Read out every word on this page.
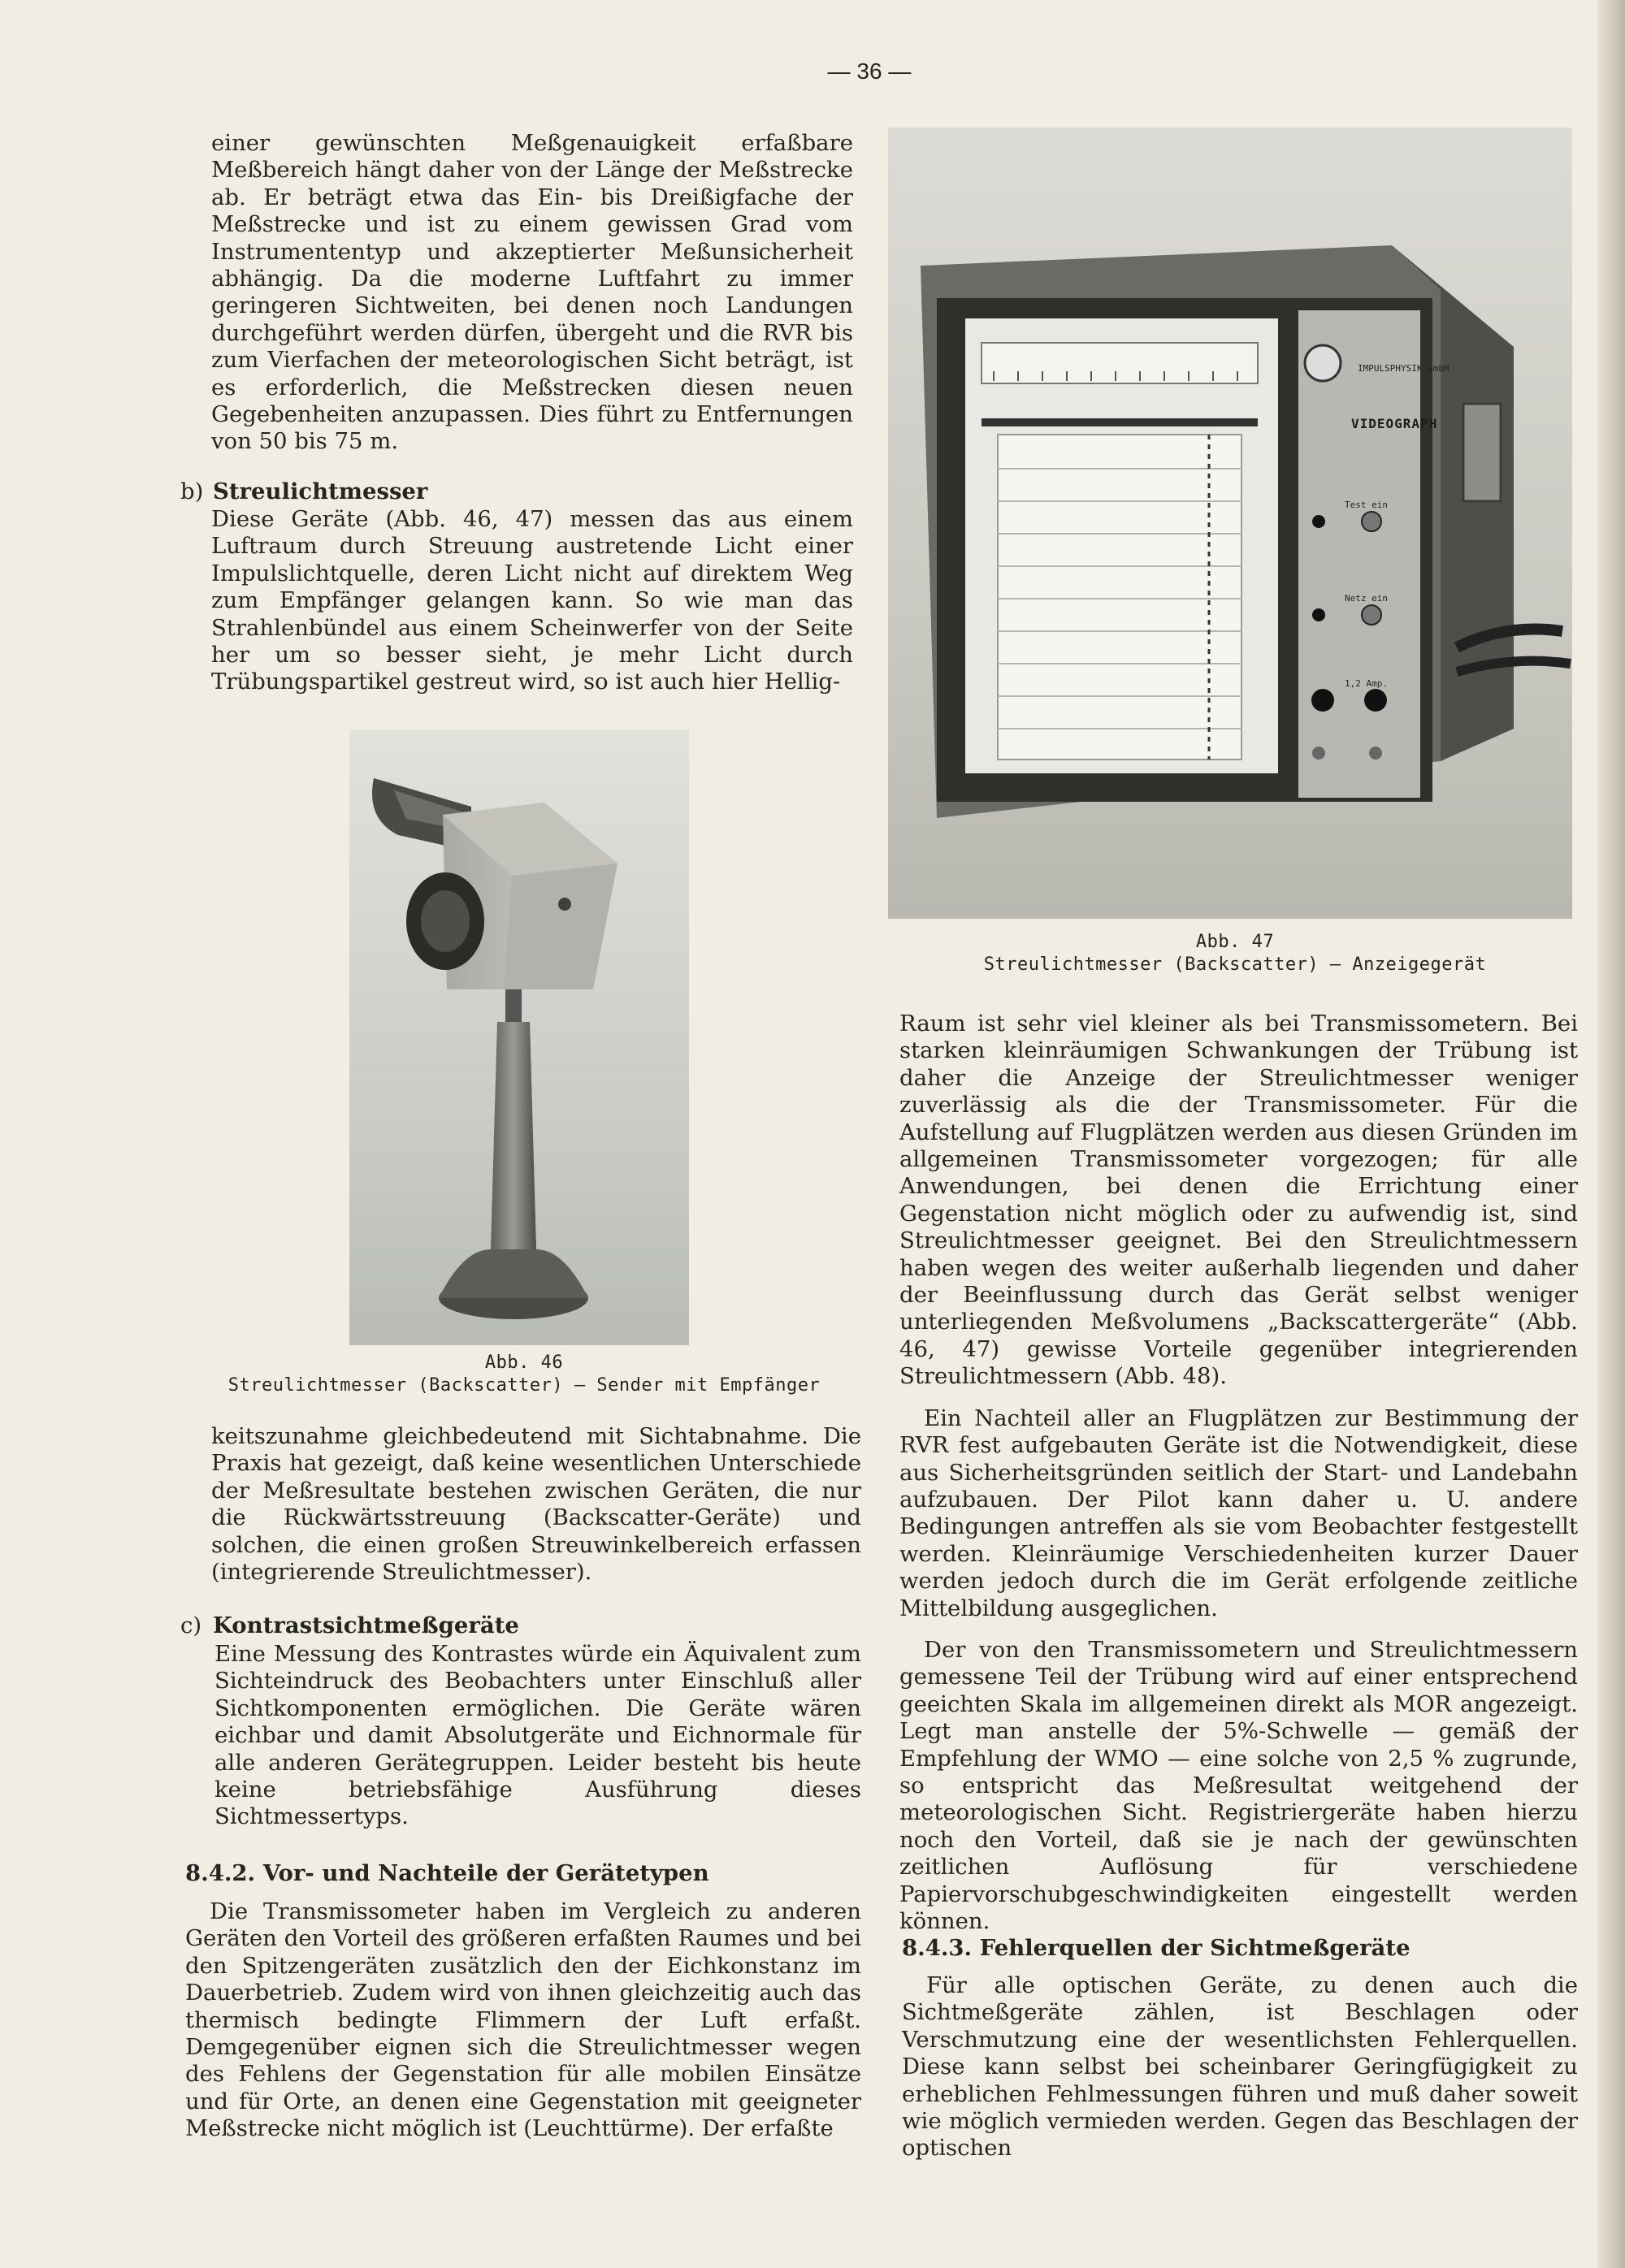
— 36 —

einer gewünschten Meßgenauigkeit erfaßbare Meßbereich hängt daher von der Länge der Meßstrecke ab. Er beträgt etwa das Ein- bis Dreißigfache der Meßstrecke und ist zu einem gewissen Grad vom Instrumententyp und akzeptierter Meßunsicherheit abhängig. Da die moderne Luftfahrt zu immer geringeren Sichtweiten, bei denen noch Landungen durchgeführt werden dürfen, übergeht und die RVR bis zum Vierfachen der meteorologischen Sicht beträgt, ist es erforderlich, die Meßstrecken diesen neuen Gegebenheiten anzupassen. Dies führt zu Entfernungen von 50 bis 75 m.

b) Streulichtmesser

Diese Geräte (Abb. 46, 47) messen das aus einem Luftraum durch Streuung austretende Licht einer Impulslichtquelle, deren Licht nicht auf direktem Weg zum Empfänger gelangen kann. So wie man das Strahlenbündel aus einem Scheinwerfer von der Seite her um so besser sieht, je mehr Licht durch Trübungspartikel gestreut wird, so ist auch hier Hellig-

Abb. 46
Streulichtmesser (Backscatter) — Sender mit Empfänger

keitszunahme gleichbedeutend mit Sichtabnahme. Die Praxis hat gezeigt, daß keine wesentlichen Unterschiede der Meßresultate bestehen zwischen Geräten, die nur die Rückwärtsstreuung (Backscatter-Geräte) und solchen, die einen großen Streuwinkelbereich erfassen (integrierende Streulichtmesser).

c) Kontrastsichtmeßgeräte

Eine Messung des Kontrastes würde ein Äquivalent zum Sichteindruck des Beobachters unter Einschluß aller Sichtkomponenten ermöglichen. Die Geräte wären eichbar und damit Absolutgeräte und Eichnormale für alle anderen Gerätegruppen. Leider besteht bis heute keine betriebsfähige Ausführung dieses Sichtmessertyps.

8.4.2. Vor- und Nachteile der Gerätetypen

Die Transmissometer haben im Vergleich zu anderen Geräten den Vorteil des größeren erfaßten Raumes und bei den Spitzengeräten zusätzlich den der Eichkonstanz im Dauerbetrieb. Zudem wird von ihnen gleichzeitig auch das thermisch bedingte Flimmern der Luft erfaßt. Demgegenüber eignen sich die Streulichtmesser wegen des Fehlens der Gegenstation für alle mobilen Einsätze und für Orte, an denen eine Gegenstation mit geeigneter Meßstrecke nicht möglich ist (Leuchttürme). Der erfaßte

IMPULSPHYSIK GmbH
VIDEOGRAPH
Test ein
Netz ein
1,2 Amp.
Abb. 47
Streulichtmesser (Backscatter) — Anzeigegerät

Raum ist sehr viel kleiner als bei Transmissometern. Bei starken kleinräumigen Schwankungen der Trübung ist daher die Anzeige der Streulichtmesser weniger zuverlässig als die der Transmissometer. Für die Aufstellung auf Flugplätzen werden aus diesen Gründen im allgemeinen Transmissometer vorgezogen; für alle Anwendungen, bei denen die Errichtung einer Gegenstation nicht möglich oder zu aufwendig ist, sind Streulichtmesser geeignet. Bei den Streulichtmessern haben wegen des weiter außerhalb liegenden und daher der Beeinflussung durch das Gerät selbst weniger unterliegenden Meßvolumens „Backscattergeräte“ (Abb. 46, 47) gewisse Vorteile gegenüber integrierenden Streulichtmessern (Abb. 48).

Ein Nachteil aller an Flugplätzen zur Bestimmung der RVR fest aufgebauten Geräte ist die Notwendigkeit, diese aus Sicherheitsgründen seitlich der Start- und Landebahn aufzubauen. Der Pilot kann daher u. U. andere Bedingungen antreffen als sie vom Beobachter festgestellt werden. Kleinräumige Verschiedenheiten kurzer Dauer werden jedoch durch die im Gerät erfolgende zeitliche Mittelbildung ausgeglichen.

Der von den Transmissometern und Streulichtmessern gemessene Teil der Trübung wird auf einer entsprechend geeichten Skala im allgemeinen direkt als MOR angezeigt. Legt man anstelle der 5%-Schwelle — gemäß der Empfehlung der WMO — eine solche von 2,5 % zugrunde, so entspricht das Meßresultat weitgehend der meteorologischen Sicht. Registriergeräte haben hierzu noch den Vorteil, daß sie je nach der gewünschten zeitlichen Auflösung für verschiedene Papiervorschubgeschwindigkeiten eingestellt werden können.

8.4.3. Fehlerquellen der Sichtmeßgeräte

Für alle optischen Geräte, zu denen auch die Sichtmeßgeräte zählen, ist Beschlagen oder Verschmutzung eine der wesentlichsten Fehlerquellen. Diese kann selbst bei scheinbarer Geringfügigkeit zu erheblichen Fehlmessungen führen und muß daher soweit wie möglich vermieden werden. Gegen das Beschlagen der optischen
